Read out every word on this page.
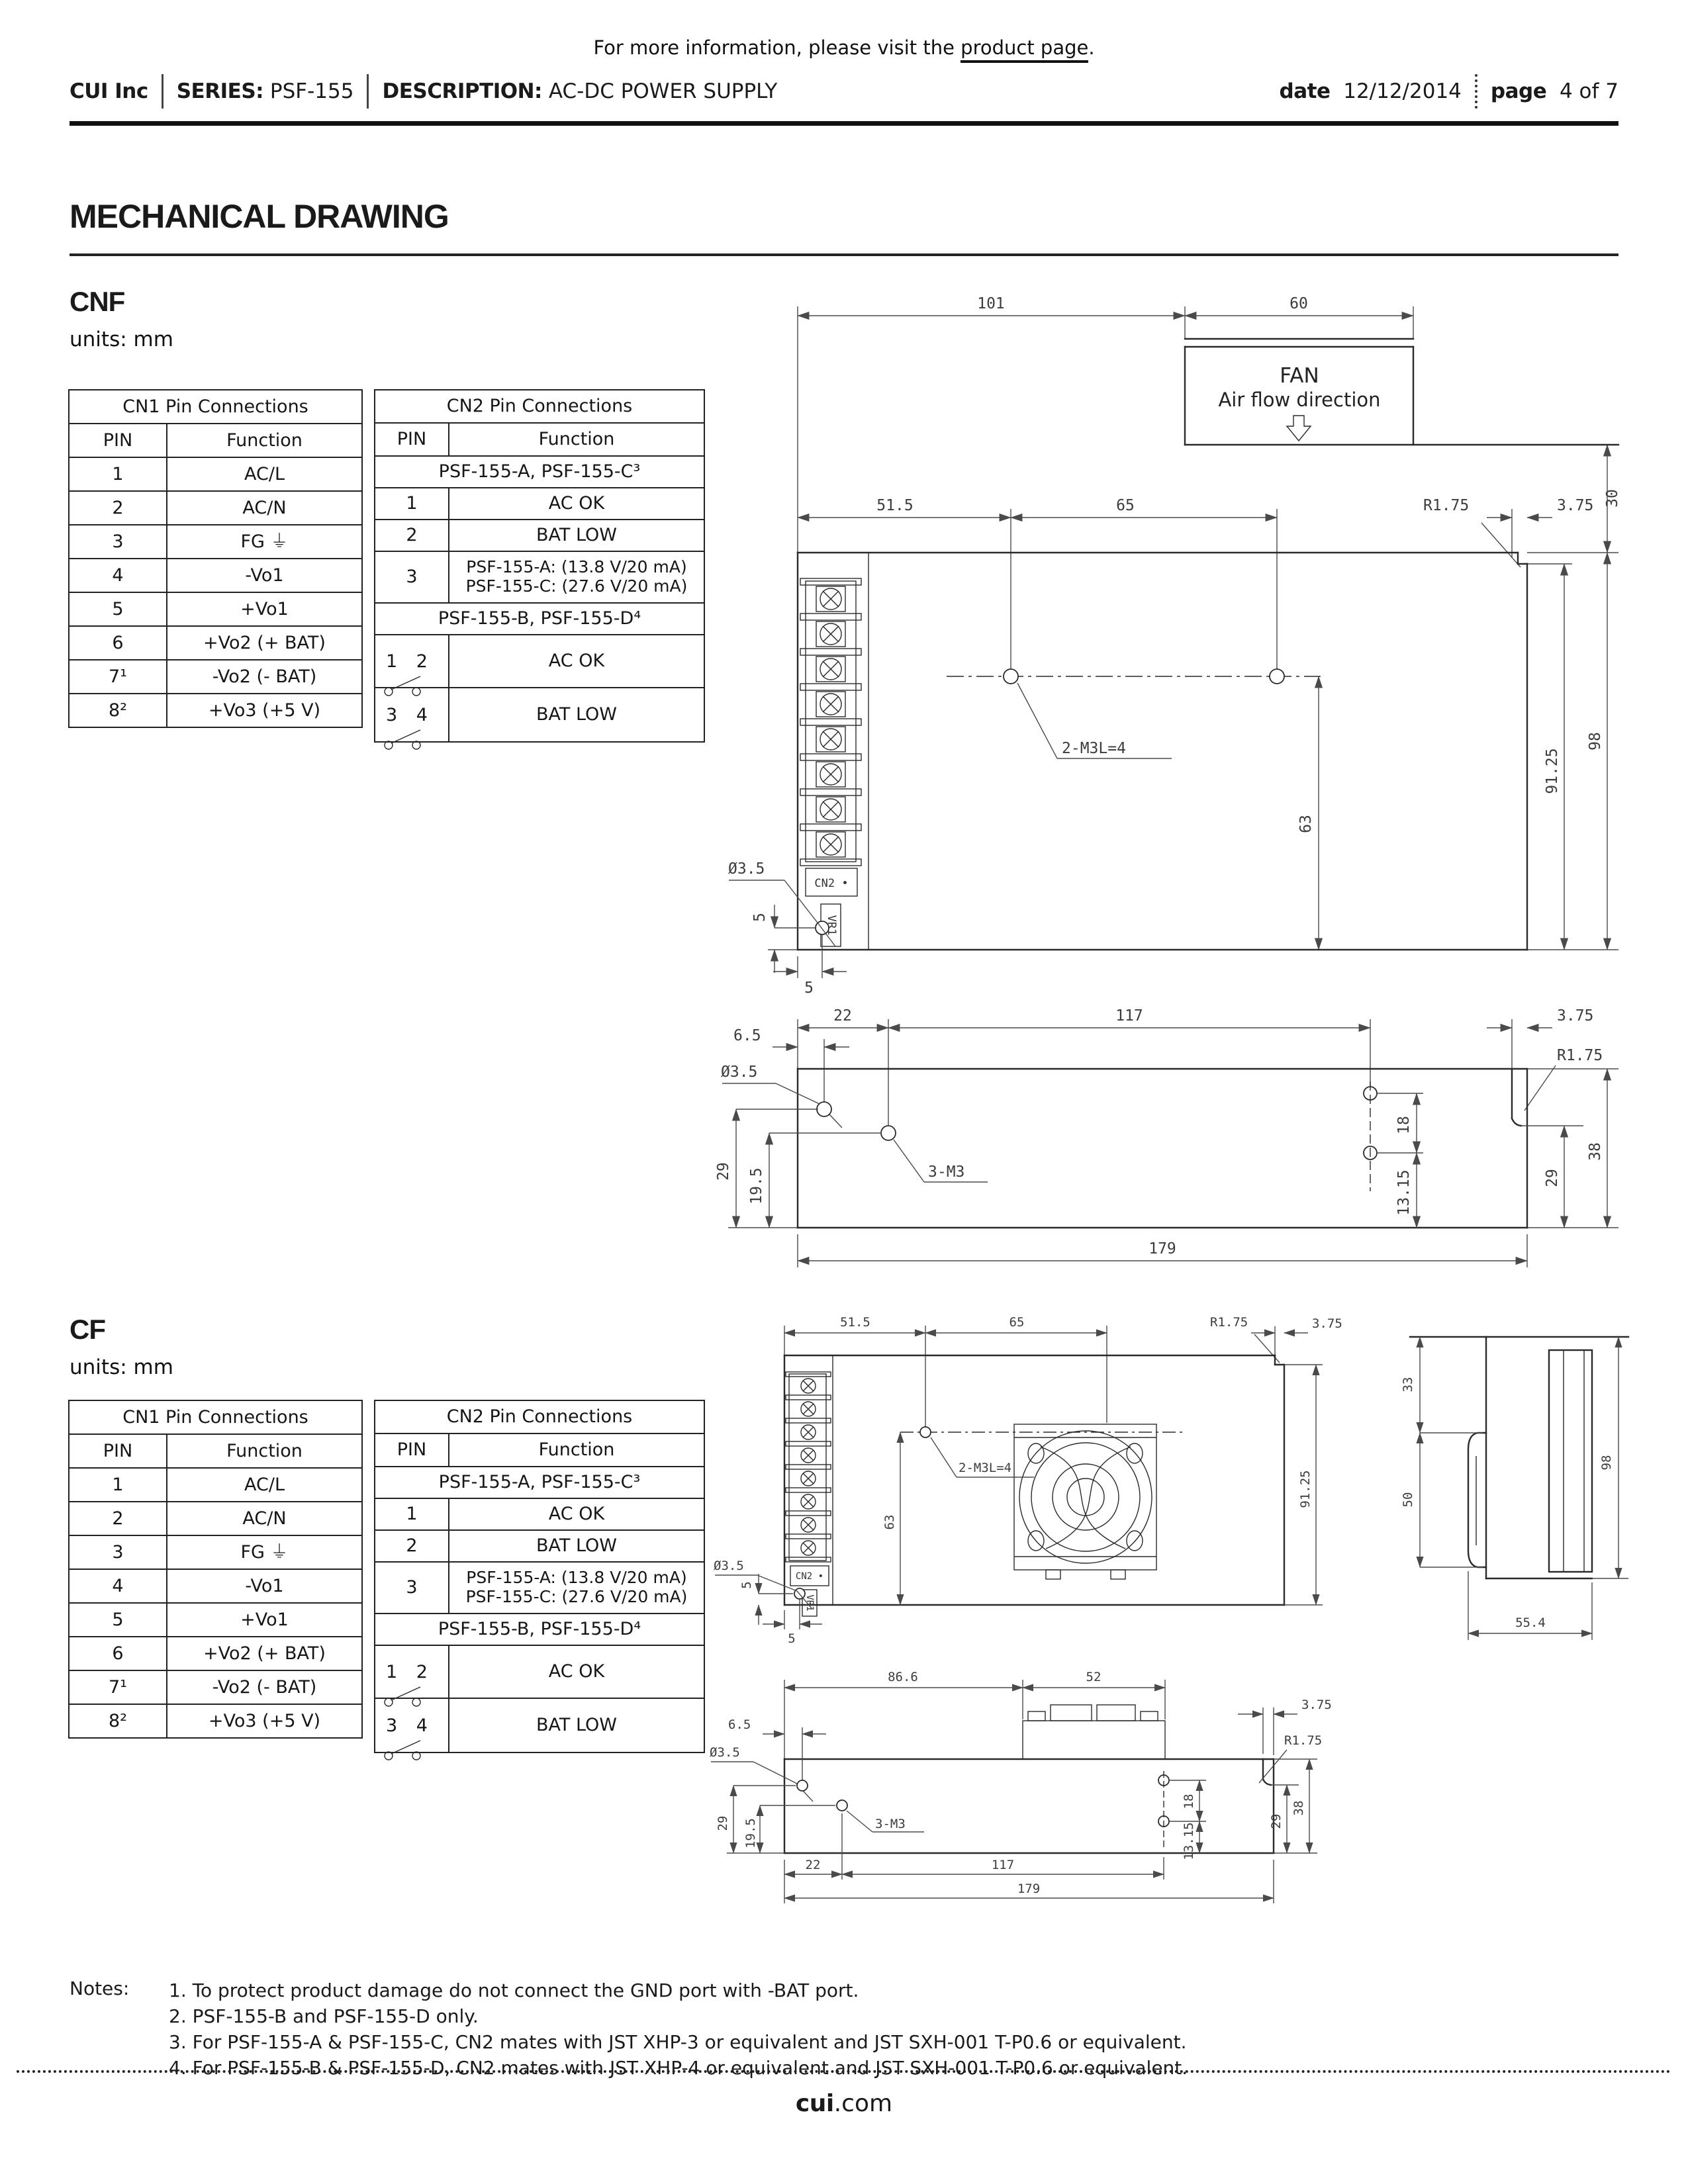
For more information, please visit the product page.
CUI Inc SERIES: PSF-155 DESCRIPTION: AC-DC POWER SUPPLY	date
12/12/2014 page
4 of 7
MECHANICAL DRAWING
CNF
units: mm
CN1 Pin Connections	
PIN	Function
1	AC/L
2	AC/N
3	FG ⏚
4	-Vo1
5	+Vo1
6	+Vo2 (+ BAT)
7¹	-Vo2 (- BAT)
8²	+Vo3 (+5 V)
CN2 Pin Connections	
PIN	Function
PSF-155-A, PSF-155-C³	
1	AC OK
2	BAT LOW
3	PSF-155-A: (13.8 V/20 mA)
PSF-155-C: (27.6 V/20 mA)

PSF-155-B, PSF-155-D⁴	

1 2	AC OK

3 4	BAT LOW
101	60
FAN
Air flow direction
30
51.5	65	R1.75	3.75
91.25
98
63
2-M3L=4
Ø3.5
5
5
CN2 •
VR1
22	117	3.75
R1.75
6.5
Ø3.5
29 19.5	3-M3
18
13.15	29
38
179
CF
units: mm
CN1 Pin Connections	
PIN	Function
1	AC/L
2	AC/N
3	FG ⏚
4	-Vo1
5	+Vo1
6	+Vo2 (+ BAT)
7¹	-Vo2 (- BAT)
8²	+Vo3 (+5 V)
CN2 Pin Connections	
PIN	Function
PSF-155-A, PSF-155-C³	
1	AC OK
2	BAT LOW
3	PSF-155-A: (13.8 V/20 mA)
PSF-155-C: (27.6 V/20 mA)

PSF-155-B, PSF-155-D⁴	

1 2	AC OK

3 4	BAT LOW
51.5	65	R1.75	3.75
91.25
63
2-M3L=4
Ø3.5
5
5
CN2 •
VR1
33
50
98
55.4
86.6	52
6.5
Ø3.5
29 19.5	3-M3
18
13.15
3.75
R1.75
29
38
22	117
179
Notes: 1. To protect product damage do not connect the GND port with -BAT port.
2. PSF-155-B and PSF-155-D only.
3. For PSF-155-A & PSF-155-C, CN2 mates with JST XHP-3 or equivalent and JST SXH-001 T-P0.6 or equivalent.
4. For PSF-155-B & PSF-155-D, CN2 mates with JST XHP-4 or equivalent and JST SXH-001 T-P0.6 or equivalent.
cui.com
